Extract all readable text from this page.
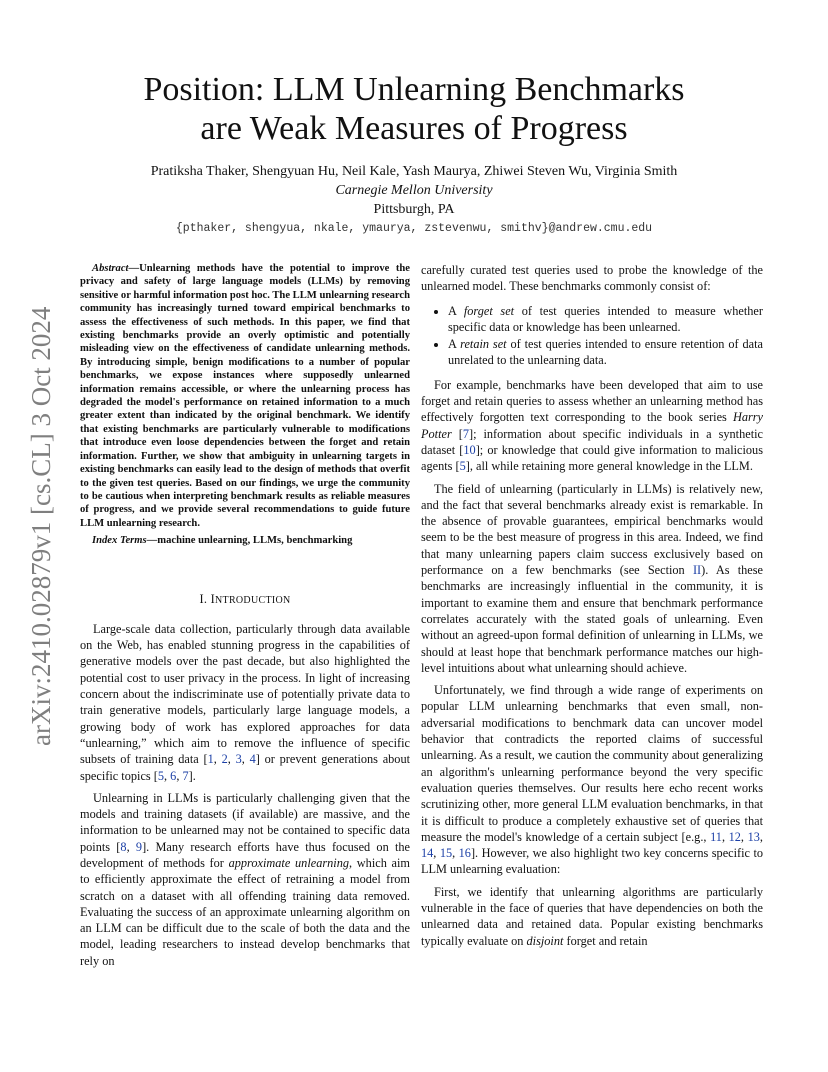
arXiv:2410.02879v1 [cs.CL] 3 Oct 2024
Position: LLM Unlearning Benchmarks
are Weak Measures of Progress
Pratiksha Thaker, Shengyuan Hu, Neil Kale, Yash Maurya, Zhiwei Steven Wu, Virginia Smith
Carnegie Mellon University
Pittsburgh, PA
{pthaker, shengyua, nkale, ymaurya, zstevenwu, smithv}@andrew.cmu.edu

Abstract—Unlearning methods have the potential to improve the privacy and safety of large language models (LLMs) by removing sensitive or harmful information post hoc. The LLM unlearning research community has increasingly turned toward empirical benchmarks to assess the effectiveness of such methods. In this paper, we find that existing benchmarks provide an overly optimistic and potentially misleading view on the effectiveness of candidate unlearning methods. By introducing simple, benign modifications to a number of popular benchmarks, we expose instances where supposedly unlearned information remains accessible, or where the unlearning process has degraded the model's performance on retained information to a much greater extent than indicated by the original benchmark. We identify that existing benchmarks are particularly vulnerable to modifications that introduce even loose dependencies between the forget and retain information. Further, we show that ambiguity in unlearning targets in existing benchmarks can easily lead to the design of methods that overfit to the given test queries. Based on our findings, we urge the community to be cautious when interpreting benchmark results as reliable measures of progress, and we provide several recommendations to guide future LLM unlearning research.

Index Terms—machine unlearning, LLMs, benchmarking

I. INTRODUCTION

Large-scale data collection, particularly through data available on the Web, has enabled stunning progress in the capabilities of generative models over the past decade, but also highlighted the potential cost to user privacy in the process. In light of increasing concern about the indiscriminate use of potentially private data to train generative models, particularly large language models, a growing body of work has explored approaches for data “unlearning,” which aim to remove the influence of specific subsets of training data [1, 2, 3, 4] or prevent generations about specific topics [5, 6, 7].

Unlearning in LLMs is particularly challenging given that the models and training datasets (if available) are massive, and the information to be unlearned may not be contained to specific data points [8, 9]. Many research efforts have thus focused on the development of methods for approximate unlearning, which aim to efficiently approximate the effect of retraining a model from scratch on a dataset with all offending training data removed. Evaluating the success of an approximate unlearning algorithm on an LLM can be difficult due to the scale of both the data and the model, leading researchers to instead develop benchmarks that rely on

carefully curated test queries used to probe the knowledge of the unlearned model. These benchmarks commonly consist of:

• A forget set of test queries intended to measure whether specific data or knowledge has been unlearned.
• A retain set of test queries intended to ensure retention of data unrelated to the unlearning data.

For example, benchmarks have been developed that aim to use forget and retain queries to assess whether an unlearning method has effectively forgotten text corresponding to the book series Harry Potter [7]; information about specific individuals in a synthetic dataset [10]; or knowledge that could give information to malicious agents [5], all while retaining more general knowledge in the LLM.

The field of unlearning (particularly in LLMs) is relatively new, and the fact that several benchmarks already exist is remarkable. In the absence of provable guarantees, empirical benchmarks would seem to be the best measure of progress in this area. Indeed, we find that many unlearning papers claim success exclusively based on performance on a few benchmarks (see Section II). As these benchmarks are increasingly influential in the community, it is important to examine them and ensure that benchmark performance correlates accurately with the stated goals of unlearning. Even without an agreed-upon formal definition of unlearning in LLMs, we should at least hope that benchmark performance matches our high-level intuitions about what unlearning should achieve.

Unfortunately, we find through a wide range of experiments on popular LLM unlearning benchmarks that even small, non-adversarial modifications to benchmark data can uncover model behavior that contradicts the reported claims of successful unlearning. As a result, we caution the community about generalizing an algorithm's unlearning performance beyond the very specific evaluation queries themselves. Our results here echo recent works scrutinizing other, more general LLM evaluation benchmarks, in that it is difficult to produce a completely exhaustive set of queries that measure the model's knowledge of a certain subject [e.g., 11, 12, 13, 14, 15, 16]. However, we also highlight two key concerns specific to LLM unlearning evaluation:

First, we identify that unlearning algorithms are particularly vulnerable in the face of queries that have dependencies on both the unlearned data and retained data. Popular existing benchmarks typically evaluate on disjoint forget and retain
